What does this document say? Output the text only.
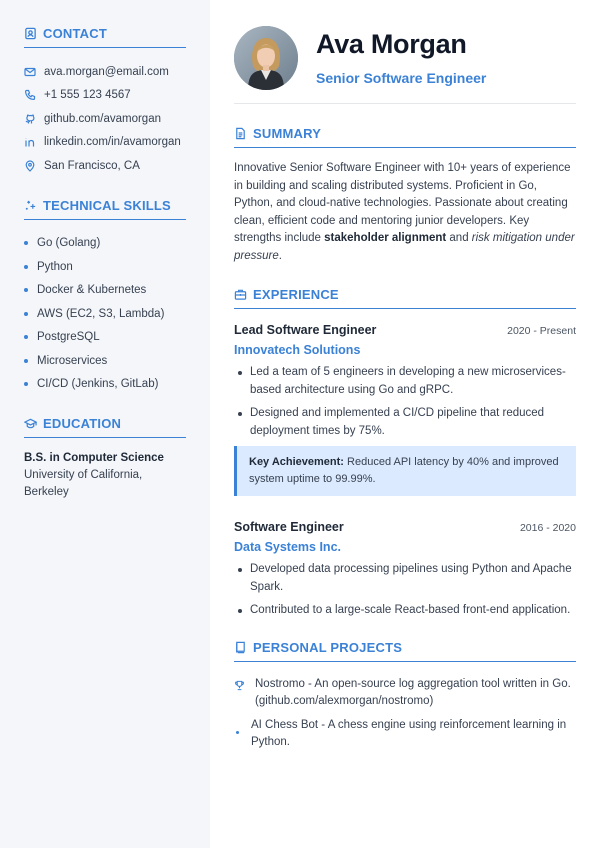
CONTACT
ava.morgan@email.com
+1 555 123 4567
github.com/avamorgan
linkedin.com/in/avamorgan
San Francisco, CA
TECHNICAL SKILLS
Go (Golang)
Python
Docker & Kubernetes
AWS (EC2, S3, Lambda)
PostgreSQL
Microservices
CI/CD (Jenkins, GitLab)
EDUCATION
B.S. in Computer Science
University of California, Berkeley
Ava Morgan
Senior Software Engineer
SUMMARY
Innovative Senior Software Engineer with 10+ years of experience in building and scaling distributed systems. Proficient in Go, Python, and cloud-native technologies. Passionate about creating clean, efficient code and mentoring junior developers. Key strengths include stakeholder alignment and risk mitigation under pressure.
EXPERIENCE
Lead Software Engineer	2020 - Present
Innovatech Solutions
Led a team of 5 engineers in developing a new microservices-based architecture using Go and gRPC.
Designed and implemented a CI/CD pipeline that reduced deployment times by 75%.
Key Achievement: Reduced API latency by 40% and improved system uptime to 99.99%.
Software Engineer	2016 - 2020
Data Systems Inc.
Developed data processing pipelines using Python and Apache Spark.
Contributed to a large-scale React-based front-end application.
PERSONAL PROJECTS
Nostromo - An open-source log aggregation tool written in Go. (github.com/alexmorgan/nostromo)
AI Chess Bot - A chess engine using reinforcement learning in Python.
